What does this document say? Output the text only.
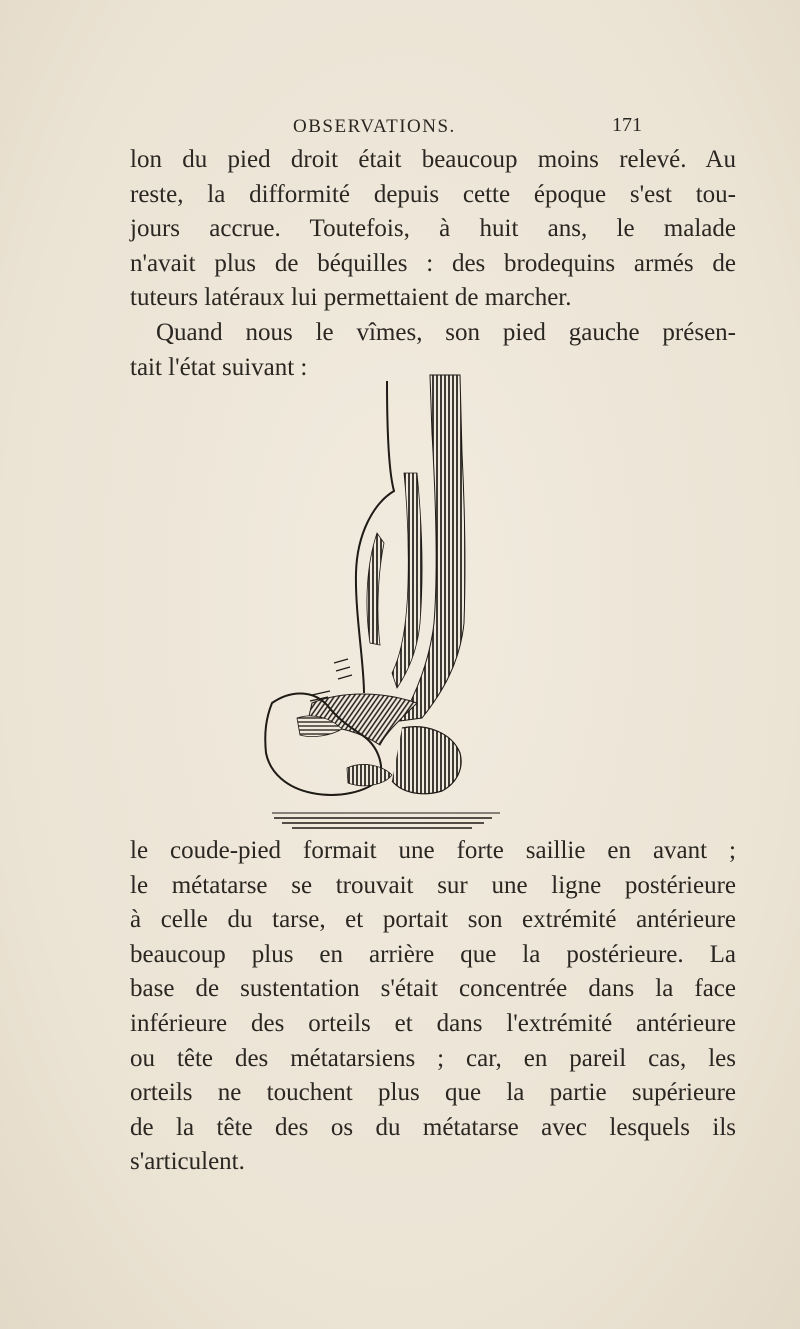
OBSERVATIONS.	171
lon du pied droit était beaucoup moins relevé. Au
reste, la difformité depuis cette époque s'est tou-
jours accrue. Toutefois, à huit ans, le malade
n'avait plus de béquilles : des brodequins armés de
tuteurs latéraux lui permettaient de marcher.
Quand nous le vîmes, son pied gauche présen-
tait l'état suivant :
le coude-pied formait une forte saillie en avant ;
le métatarse se trouvait sur une ligne postérieure
à celle du tarse, et portait son extrémité antérieure
beaucoup plus en arrière que la postérieure. La
base de sustentation s'était concentrée dans la face
inférieure des orteils et dans l'extrémité antérieure
ou tête des métatarsiens ; car, en pareil cas, les
orteils ne touchent plus que la partie supérieure
de la tête des os du métatarse avec lesquels ils
s'articulent.
